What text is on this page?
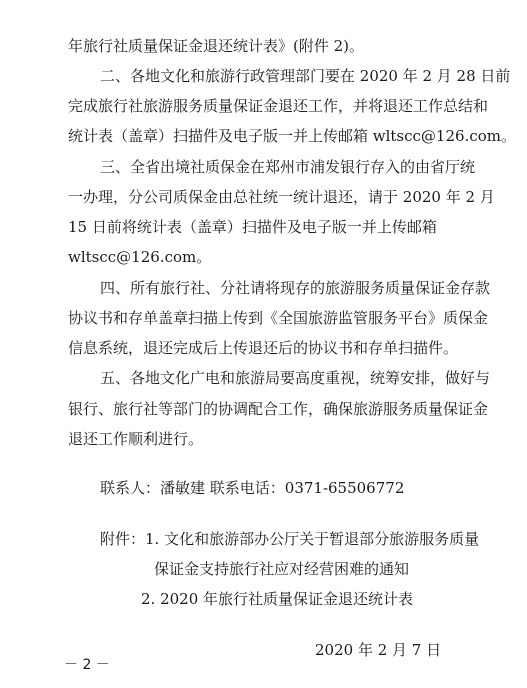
年旅行社质量保证金退还统计表》(附件 2)。
二、各地文化和旅游行政管理部门要在 2020 年 2 月 28 日前
完成旅行社旅游服务质量保证金退还工作，并将退还工作总结和
统计表（盖章）扫描件及电子版一并上传邮箱 wltscc@126.com。
三、全省出境社质保金在郑州市浦发银行存入的由省厅统
一办理，分公司质保金由总社统一统计退还，请于 2020 年 2 月
15 日前将统计表（盖章）扫描件及电子版一并上传邮箱
wltscc@126.com。
四、所有旅行社、分社请将现存的旅游服务质量保证金存款
协议书和存单盖章扫描上传到《全国旅游监管服务平台》质保金
信息系统，退还完成后上传退还后的协议书和存单扫描件。
五、各地文化广电和旅游局要高度重视，统筹安排，做好与
银行、旅行社等部门的协调配合工作，确保旅游服务质量保证金
退还工作顺利进行。
联系人：潘敏建 联系电话：0371-65506772
附件：1. 文化和旅游部办公厅关于暂退部分旅游服务质量
保证金支持旅行社应对经营困难的通知
2. 2020 年旅行社质量保证金退还统计表
2020 年 2 月 7 日
－ 2 －
